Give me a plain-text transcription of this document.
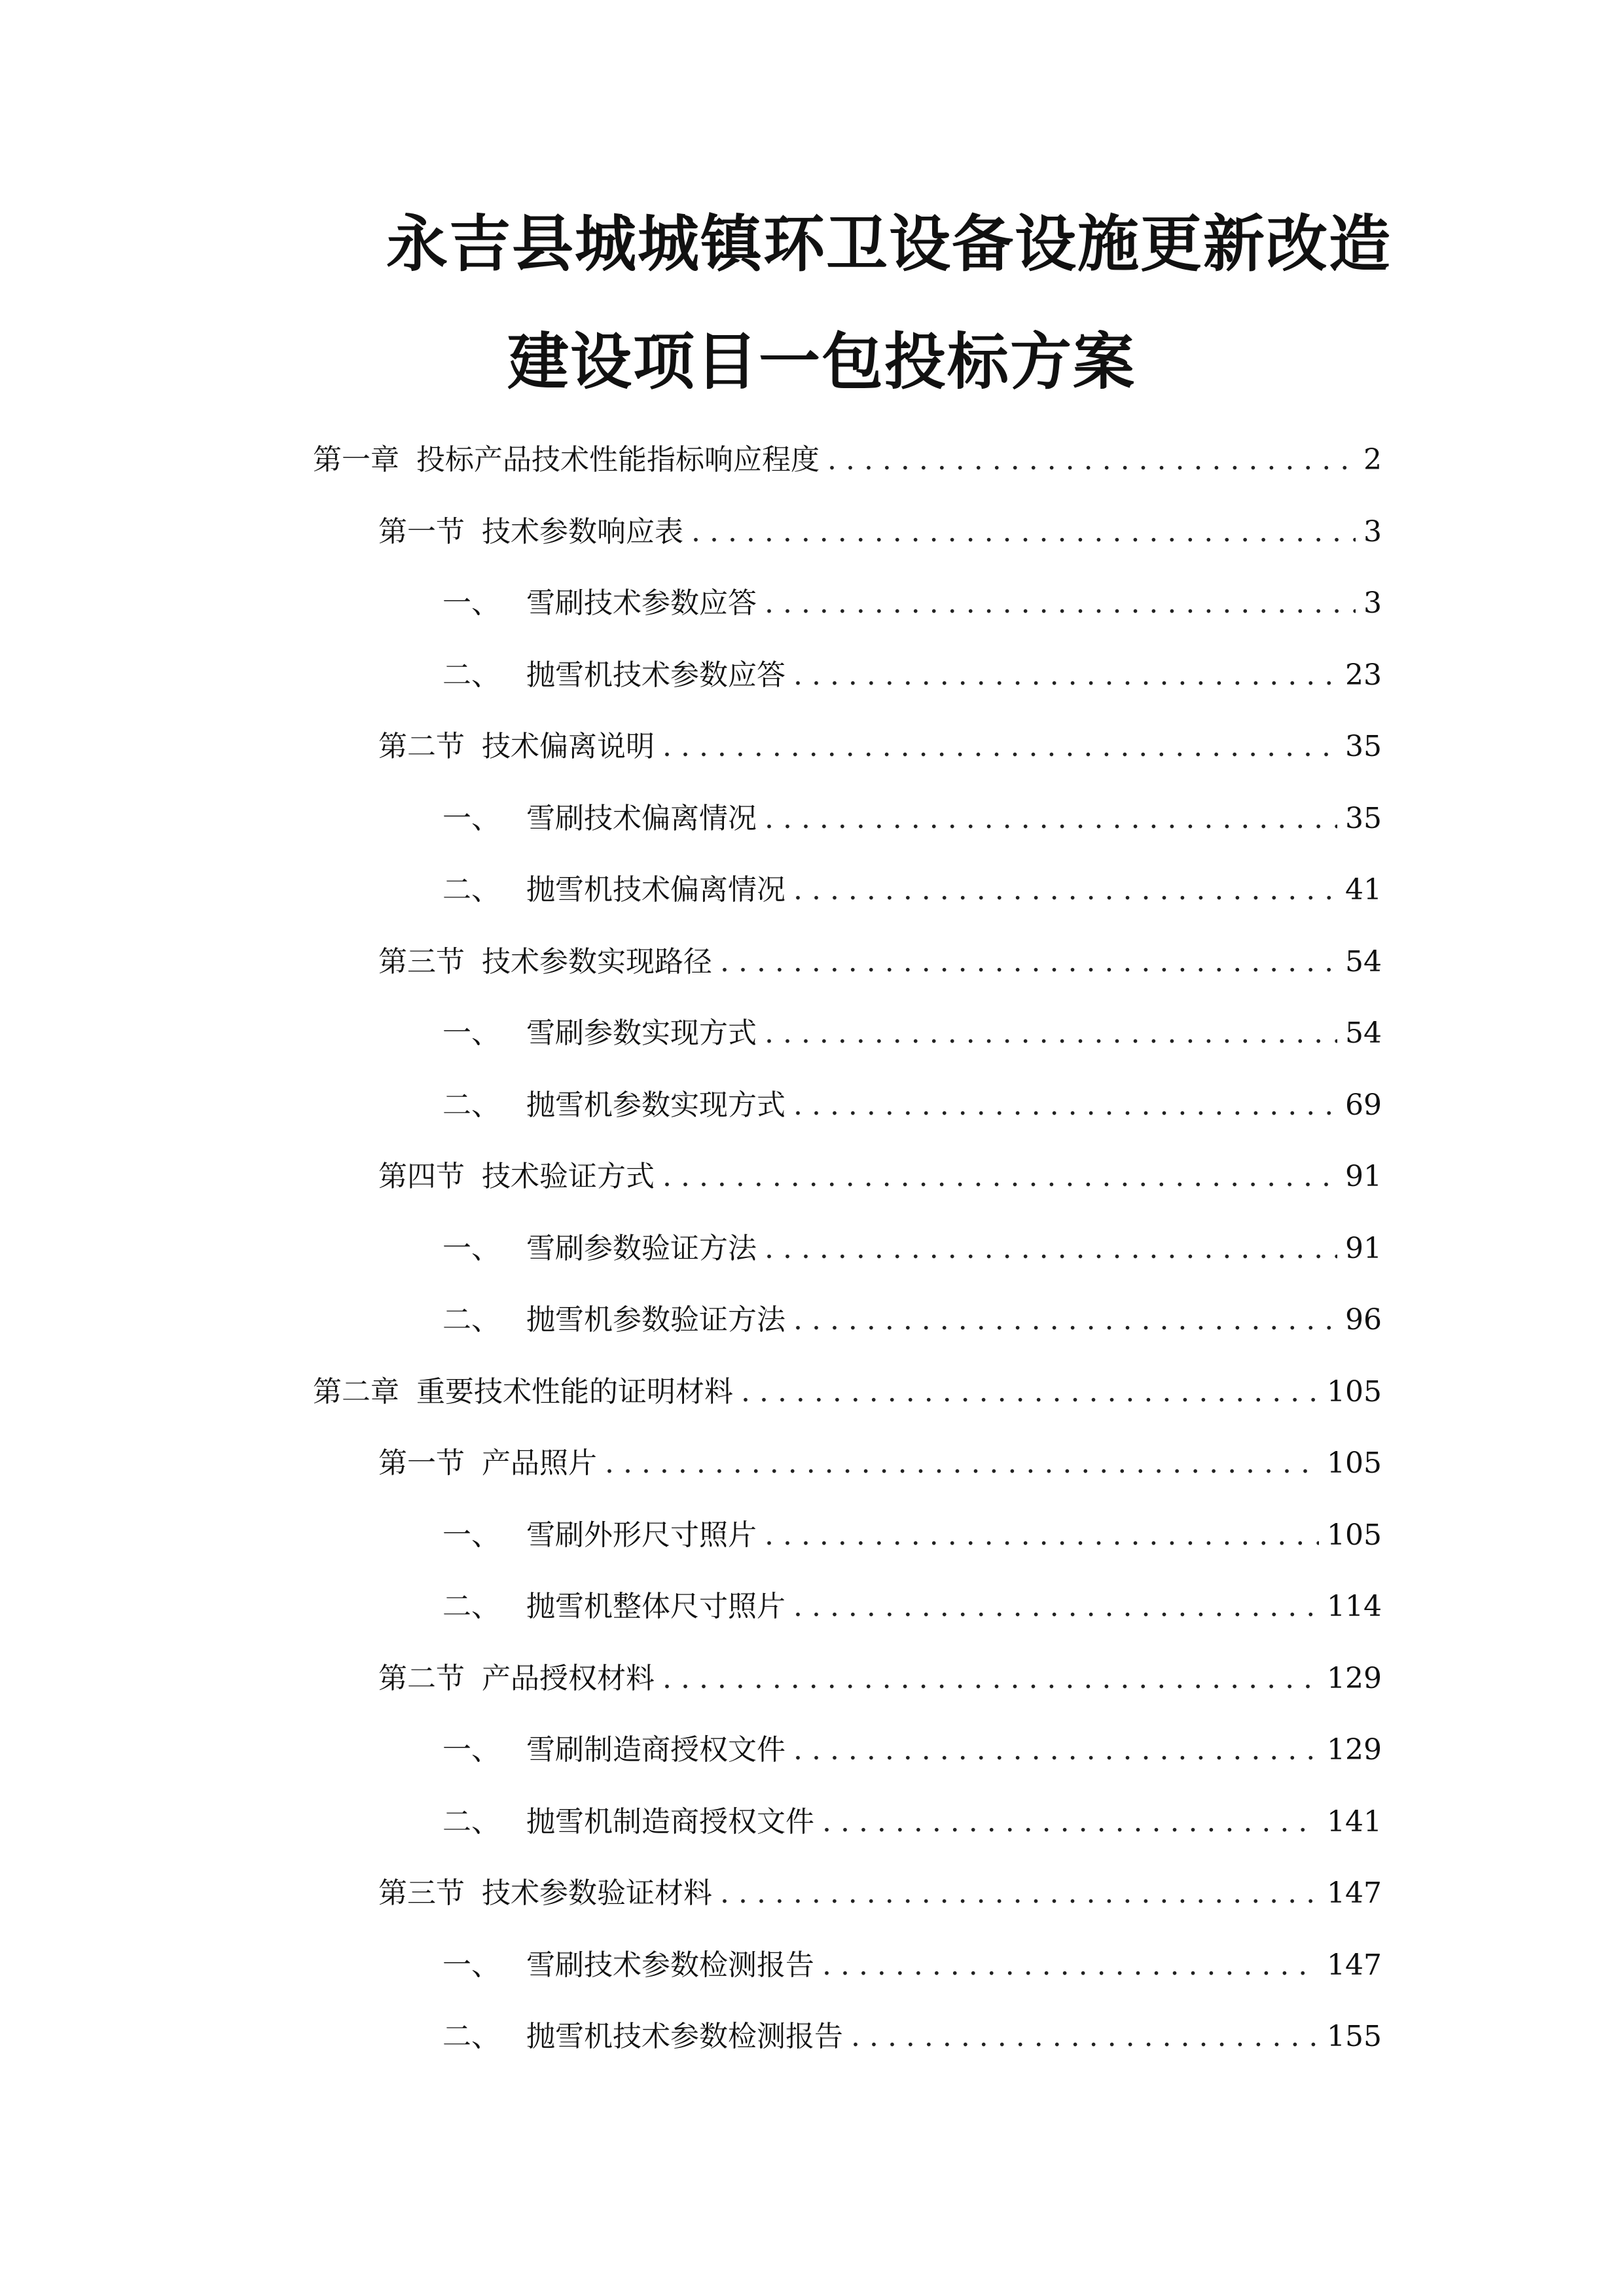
永吉县城城镇环卫设备设施更新改造
建设项目一包投标方案
第一章 投标产品技术性能指标响应程度 . . .	2
第一节 技术参数响应表 . . .	3
一、 雪刷技术参数应答 . . .	3
二、 抛雪机技术参数应答 . . .	23
第二节 技术偏离说明 . . .	35
一、 雪刷技术偏离情况 . . .	35
二、 抛雪机技术偏离情况 . . .	41
第三节 技术参数实现路径 . . .	54
一、 雪刷参数实现方式 . . .	54
二、 抛雪机参数实现方式 . . .	69
第四节 技术验证方式 . . .	91
一、 雪刷参数验证方法 . . .	91
二、 抛雪机参数验证方法 . . .	96
第二章 重要技术性能的证明材料 . . .	105
第一节 产品照片 . . .	105
一、 雪刷外形尺寸照片 . . .	105
二、 抛雪机整体尺寸照片 . . .	114
第二节 产品授权材料 . . .	129
一、 雪刷制造商授权文件 . . .	129
二、 抛雪机制造商授权文件 . . .	141
第三节 技术参数验证材料 . . .	147
一、 雪刷技术参数检测报告 . . .	147
二、 抛雪机技术参数检测报告 . . .	155
